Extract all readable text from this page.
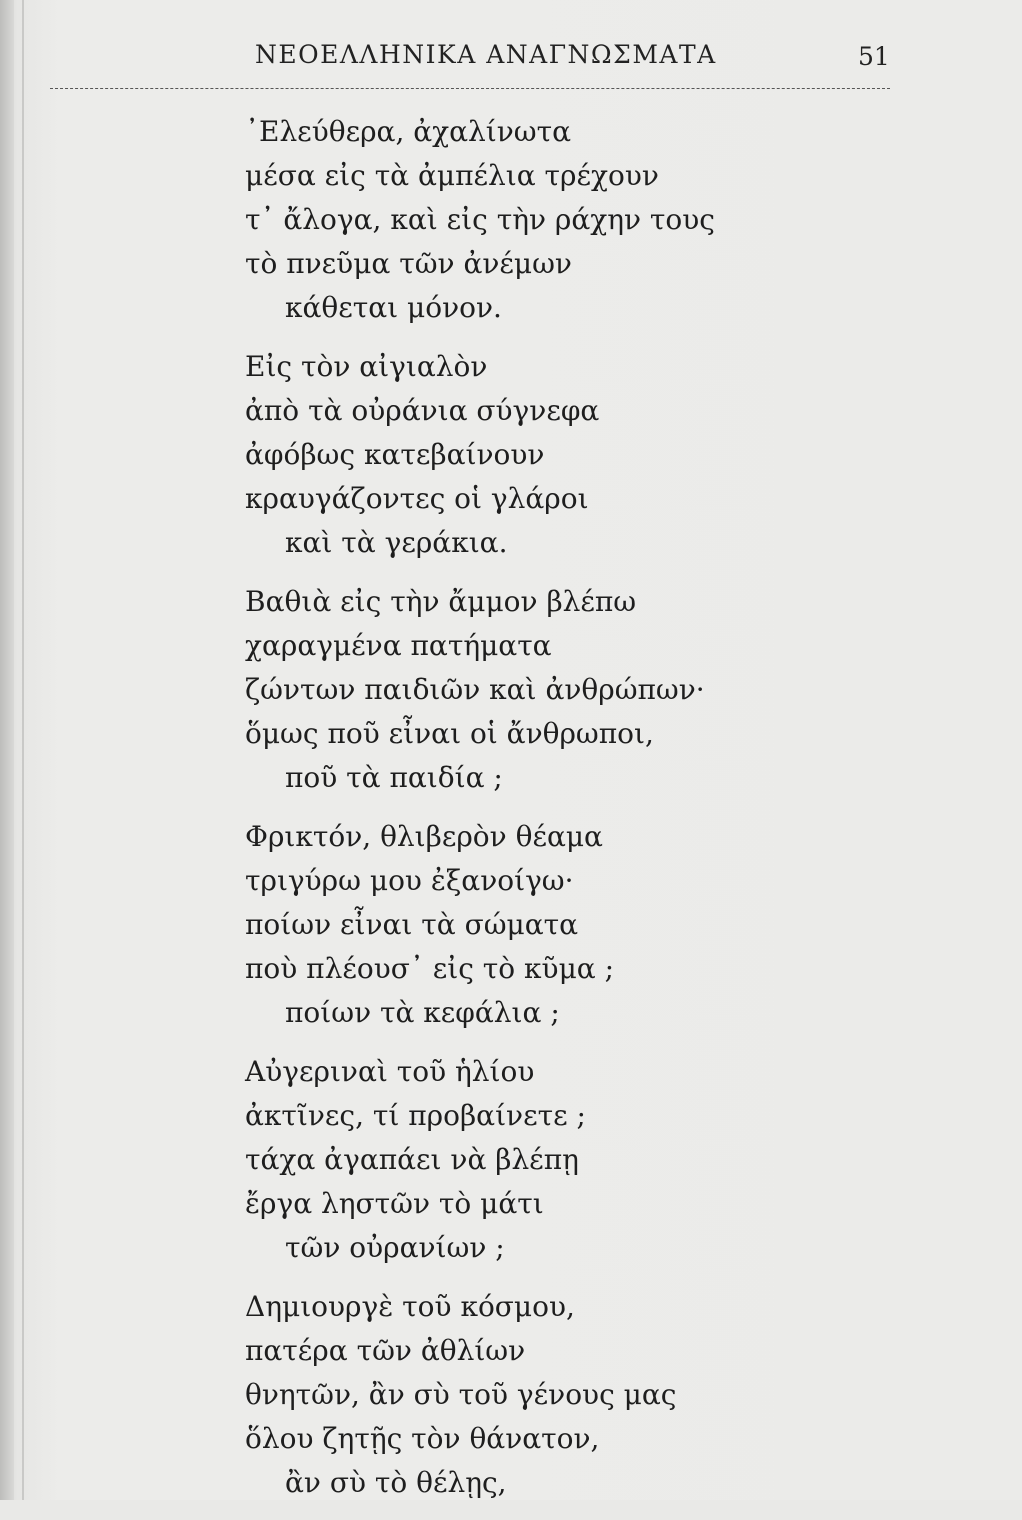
ΝΕΟΕΛΛΗΝΙΚΑ ΑΝΑΓΝΩΣΜΑΤΑ	51
᾿Ελεύθερα, ἀχαλίνωτα
μέσα εἰς τὰ ἀμπέλια τρέχουν
τ᾿ ἄλογα, καὶ εἰς τὴν ράχην τους
τὸ πνεῦμα τῶν ἀνέμων
κάθεται μόνον.
Εἰς τὸν αἰγιαλὸν
ἀπὸ τὰ οὐράνια σύγνεφα
ἀφόβως κατεβαίνουν
κραυγάζοντες οἱ γλάροι
καὶ τὰ γεράκια.
Βαθιὰ εἰς τὴν ἄμμον βλέπω
χαραγμένα πατήματα
ζώντων παιδιῶν καὶ ἀνθρώπων·
ὅμως ποῦ εἶναι οἱ ἄνθρωποι,
ποῦ τὰ παιδία ;
Φρικτόν, θλιβερὸν θέαμα
τριγύρω μου ἐξανοίγω·
ποίων εἶναι τὰ σώματα
ποὺ πλέουσ᾿ εἰς τὸ κῦμα ;
ποίων τὰ κεφάλια ;
Αὐγεριναὶ τοῦ ἡλίου
ἀκτῖνες, τί προβαίνετε ;
τάχα ἀγαπάει νὰ βλέπῃ
ἔργα ληστῶν τὸ μάτι
τῶν οὐρανίων ;
Δημιουργὲ τοῦ κόσμου,
πατέρα τῶν ἀθλίων
θνητῶν, ἂν σὺ τοῦ γένους μας
ὅλου ζητῇς τὸν θάνατον,
ἂν σὺ τὸ θέλῃς,
